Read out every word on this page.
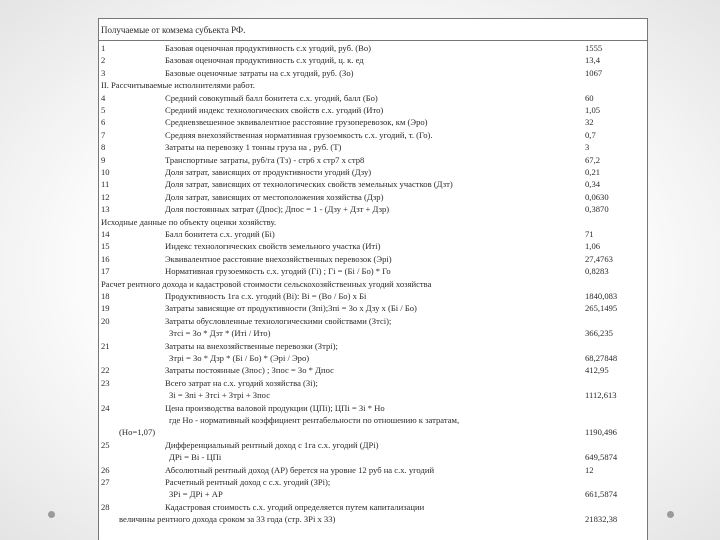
Получаемые от комзема субъекта РФ.
1	Базовая оценочная продуктивность с.х угодий, руб. (Bo)	1555
2	Базовая оценочная продуктивность с.х угодий, ц. к. ед	13,4
3	Базовые оценочные затраты на с.х угодий, руб. (Зо)	1067
II. Рассчитываемые исполнителями работ.
4	Средний совокупный балл бонитета с.х. угодий, балл (Бо)	60
5	Средний индекс технологических свойств с.х. угодий (Ито)	1,05
6	Средневзвешенное эквивалентное расстояние грузоперевозок, км (Эро)	32
7	Средняя внехозяйственная нормативная грузоемкость с.х. угодий, т. (Го).	0,7
8	Затраты на перевозку 1 тонны груза на , руб. (Т)	3
9	Транспортные затраты, руб/га (Тз) - стр6 х стр7 х стр8	67,2
10	Доля затрат, зависящих от продуктивности угодий (Дзу)	0,21
11	Доля затрат, зависящих от технологических свойств земельных участков (Дзт)	0,34
12	Доля затрат, зависящих от местоположения хозяйства (Дзр)	0,0630
13	Доля постоянных затрат (Дпос); Дпос = 1 - (Дзу + Дзт + Дзр)	0,3870
Исходные данные по объекту оценки хозяйству.
14	Балл бонитета с.х. угодий (Бi)	71
15	Индекс технологических свойств земельного участка (Итi)	1,06
16	Эквивалентное расстояние внехозяйственных перевозок (Эрi)	27,4763
17	Нормативная грузоемкость с.х. угодий (Гi) ; Гi = (Бi / Бо) * Го	0,8283
Расчет рентного дохода и кадастровой стоимости сельскохозяйственных угодий хозяйства
18	Продуктивность 1га с.х. угодий (Вi): Вi = (Во / Бо) х Бi	1840,083
19	Затраты зависящие от продуктивности (Зпi);Зпi = Зо х Дзу х (Бi / Бо)	265,1495
20	Затраты обусловленные технологическими свойствами (Зтсi);
Зтсi = Зо * Дзт * (Итi / Ито)	366,235
21	Затраты на внехозяйственные перевозки (Зтрi);
Зтрi = Зо * Дзр * (Бi / Бо) * (Эрi / Эро)	68,27848
22	Затраты постоянные (Зпос) ; Зпос = Зо * Дпос	412,95
23	Всего затрат на с.х. угодий хозяйства (Зi);
Зi = Зпi + Зтсi + Зтрi + Зпос	1112,613
24	Цена производства валовой продукции (ЦПi); ЦПi = Зi * Нo
где Нo - нормативный коэффициент рентабельности по отношению к затратам,
(Нo=1,07)	1190,496
25	Дифференциальный рентный доход с 1га с.х. угодий (ДРi)
ДРi = Вi - ЦПi	649,5874
26	Абсолютный рентный доход (АР) берется на уровне 12 руб на с.х. угодий	12
27	Расчетный рентный доход с с.х. угодий (ЗРi);
ЗРi = ДРi + АР	661,5874
28	Кадастровая стоимость с.х. угодий определяется путем капитализации
величины рентного дохода сроком за 33 года (стр. ЗРi х 33)	21832,38
